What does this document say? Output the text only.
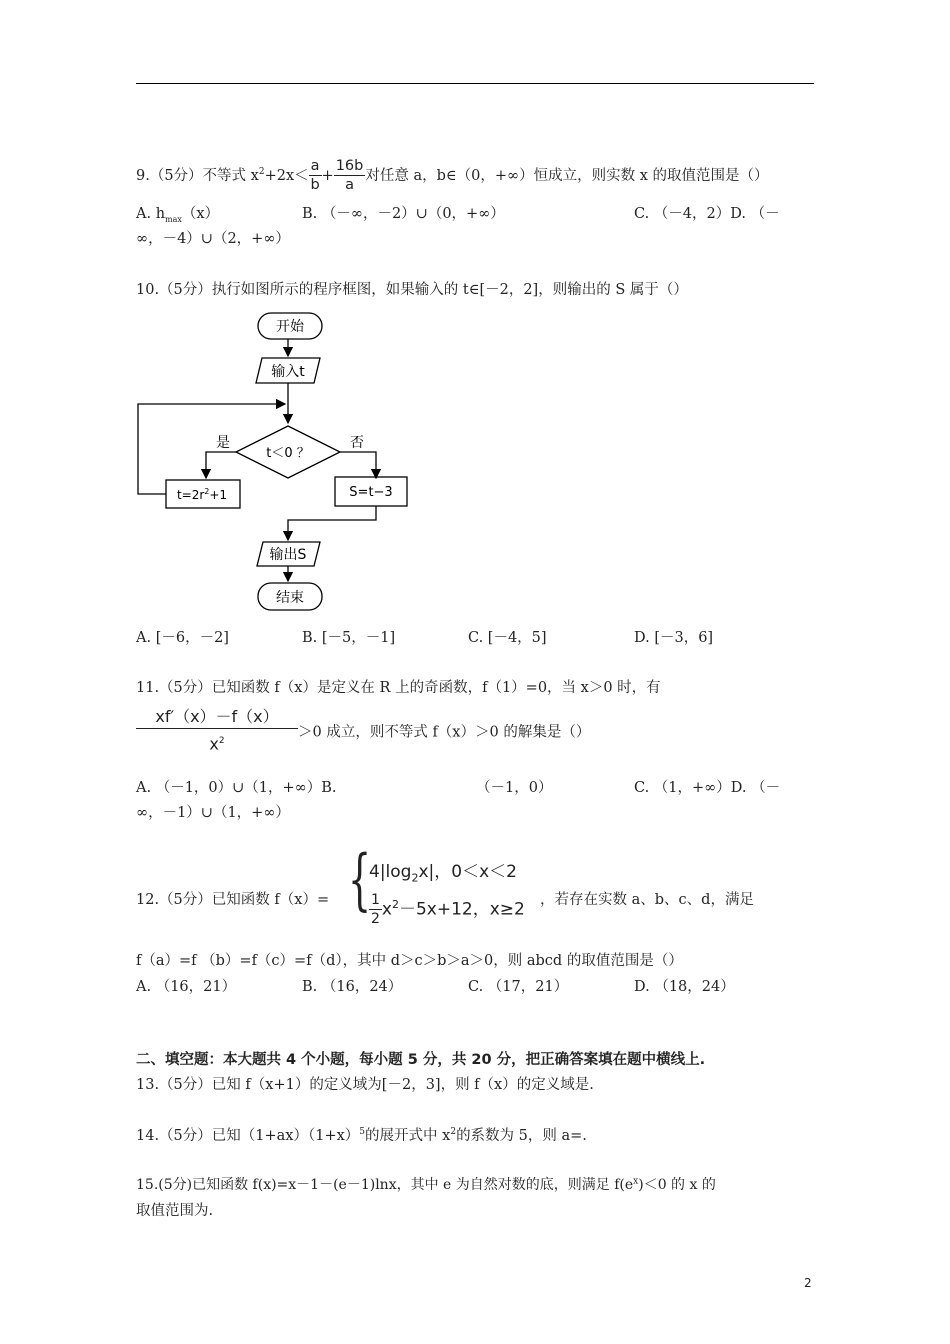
9.（5分）不等式 $x^2+2x< \frac{a}{b} + \frac{16b}{a}$ 对任意 a，b∈（0，+∞）恒成立，则实数 x 的取值范围是（）
A. $h_{max}(x)$	B. （－∞，－2）∪（0，+∞）	C. （－4，2）D. （－
∞，－4）∪（2，+∞）
10.（5分）执行如图所示的程序框图，如果输入的 t∈[－2，2]，则输出的 S 属于（）
开始
输入t
t＜0 ？
是	否
$t=2r^2+1$	S=t−3
输出S
结束
A. [－6，－2]	B. [－5，－1]	C. [－4，5]	D. [－3，6]
11.（5分）已知函数 f（x）是定义在 R 上的奇函数，f（1）=0，当 x＞0 时，有
$\frac{xf'(x)-f(x)}{x^2} >0$ 成立，则不等式 f（x）＞0 的解集是（）
A. （－1，0）∪（1，+∞）B.	（－1，0）	C. （1，+∞）D. （－
∞，－1）∪（1，+∞）
12.（5分）已知函数 f（x）= {
$4|\log_2x|$，0＜x＜2
$\frac{1}{2} x^2-5x+12$，x≥2 ，若存在实数 a、b、c、d，满足
f（a）=f （b）=f（c）=f（d），其中 d＞c＞b＞a＞0，则 abcd 的取值范围是（）
A. （16，21）	B. （16，24）	C. （17，21）	D. （18，24）
二、填空题：本大题共 4 个小题，每小题 5 分，共 20 分，把正确答案填在题中横线上.
13.（5分）已知 f（x+1）的定义域为[－2，3]，则 f（x）的定义域是.
14.（5分）已知$(1+ax)(1+x)^5$的展开式中 $x^2$的系数为 5，则 a=.
15.(5分)已知函数 f(x)=x－1－(e－1)lnx，其中 e 为自然对数的底，则满足 $f(e^x)<0$ 的 x 的
取值范围为.
2
